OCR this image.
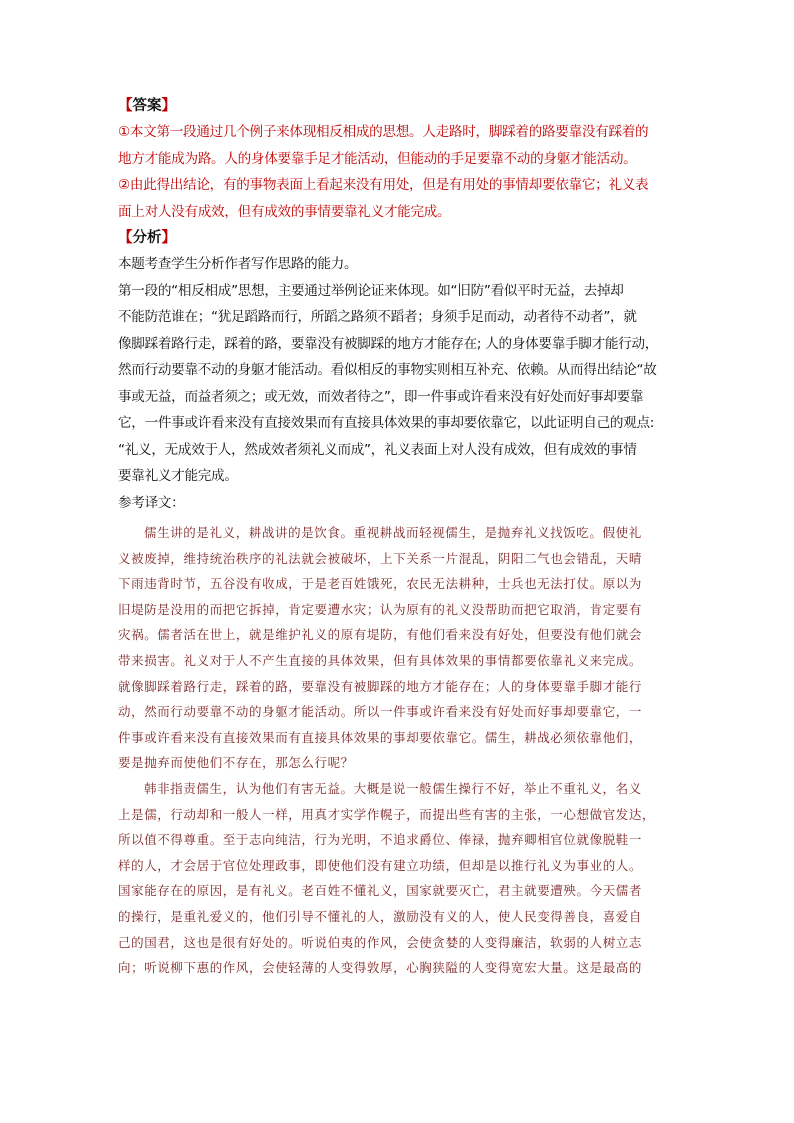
【答案】
①本文第一段通过几个例子来体现相反相成的思想。人走路时，脚踩着的路要靠没有踩着的
地方才能成为路。人的身体要靠手足才能活动，但能动的手足要靠不动的身躯才能活动。
②由此得出结论，有的事物表面上看起来没有用处，但是有用处的事情却要依靠它；礼义表
面上对人没有成效，但有成效的事情要靠礼义才能完成。
【分析】
本题考查学生分析作者写作思路的能力。
第一段的“相反相成”思想，主要通过举例论证来体现。如“旧防”看似平时无益，去掉却
不能防范谁在；“犹足蹈路而行，所蹈之路须不蹈者；身须手足而动，动者待不动者”，就
像脚踩着路行走，踩着的路，要靠没有被脚踩的地方才能存在; 人的身体要靠手脚才能行动，
然而行动要靠不动的身躯才能活动。看似相反的事物实则相互补充、依赖。从而得出结论“故
事或无益，而益者须之；或无效，而效者待之”，即一件事或许看来没有好处而好事却要靠
它，一件事或许看来没有直接效果而有直接具体效果的事却要依靠它，以此证明自己的观点:
“礼义，无成效于人，然成效者须礼义而成”，礼义表面上对人没有成效，但有成效的事情
要靠礼义才能完成。
参考译文：
儒生讲的是礼义，耕战讲的是饮食。重视耕战而轻视儒生，是抛弃礼义找饭吃。假使礼
义被废掉，维持统治秩序的礼法就会被破坏，上下关系一片混乱，阴阳二气也会错乱，天晴
下雨违背时节，五谷没有收成，于是老百姓饿死，农民无法耕种，士兵也无法打仗。原以为
旧堤防是没用的而把它拆掉，肯定要遭水灾；认为原有的礼义没帮助而把它取消，肯定要有
灾祸。儒者活在世上，就是维护礼义的原有堤防，有他们看来没有好处，但要没有他们就会
带来损害。礼义对于人不产生直接的具体效果，但有具体效果的事情都要依靠礼义来完成。
就像脚踩着路行走，踩着的路，要靠没有被脚踩的地方才能存在；人的身体要靠手脚才能行
动，然而行动要靠不动的身躯才能活动。所以一件事或许看来没有好处而好事却要靠它，一
件事或许看来没有直接效果而有直接具体效果的事却要依靠它。儒生，耕战必须依靠他们，
要是抛弃而使他们不存在，那怎么行呢？
韩非指责儒生，认为他们有害无益。大概是说一般儒生操行不好，举止不重礼义，名义
上是儒，行动却和一般人一样，用真才实学作幌子，而提出些有害的主张，一心想做官发达，
所以值不得尊重。至于志向纯洁，行为光明，不追求爵位、俸禄，抛弃卿相官位就像脱鞋一
样的人，才会居于官位处理政事，即使他们没有建立功绩，但却是以推行礼义为事业的人。
国家能存在的原因，是有礼义。老百姓不懂礼义，国家就要灭亡，君主就要遭殃。今天儒者
的操行，是重礼爱义的，他们引导不懂礼的人，激励没有义的人，使人民变得善良，喜爱自
己的国君，这也是很有好处的。听说伯夷的作风，会使贪婪的人变得廉洁，软弱的人树立志
向；听说柳下惠的作风，会使轻薄的人变得敦厚，心胸狭隘的人变得宽宏大量。这是最高的
